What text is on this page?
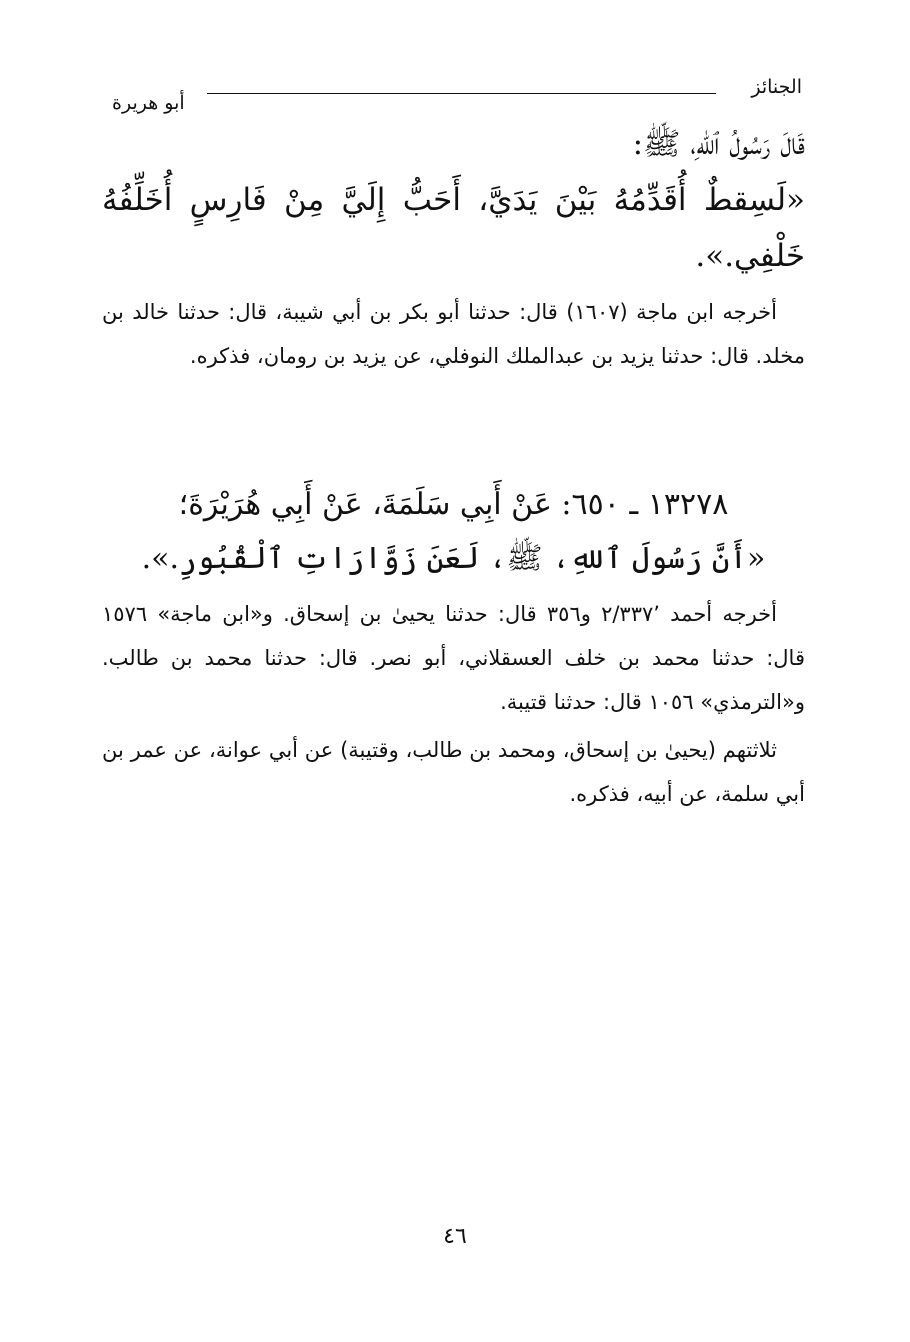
الجنائز
أبو هريرة
قَالَ رَسُولُ ٱللهِ، ﷺ:
«لَسِقطٌ أُقَدِّمُهُ بَيْنَ يَدَيَّ، أَحَبُّ إِلَيَّ مِنْ فَارِسٍ أُخَلِّفُهُ خَلْفِي.».
أخرجه ابن ماجة (١٦٠٧) قال: حدثنا أبو بكر بن أبي شيبة، قال: حدثنا خالد بن مخلد. قال: حدثنا يزيد بن عبدالملك النوفلي، عن يزيد بن رومان، فذكره.
١٣٢٧٨ ـ ٦٥٠: عَنْ أَبِي سَلَمَةَ، عَنْ أَبِي هُرَيْرَةَ؛
«أَنَّ رَسُولَ ٱللهِ، ﷺ، لَعَنَ زَوَّارَاتِ ٱلْقُبُورِ.».
أخرجه أحمد ٢/٣٣٧٬ و٣٥٦ قال: حدثنا يحيىٰ بن إسحاق. و«ابن ماجة» ١٥٧٦ قال: حدثنا محمد بن خلف العسقلاني، أبو نصر. قال: حدثنا محمد بن طالب. و«الترمذي» ١٠٥٦ قال: حدثنا قتيبة.
ثلاثتهم (يحيىٰ بن إسحاق، ومحمد بن طالب، وقتيبة) عن أبي عوانة، عن عمر بن أبي سلمة، عن أبيه، فذكره.
٤٦
